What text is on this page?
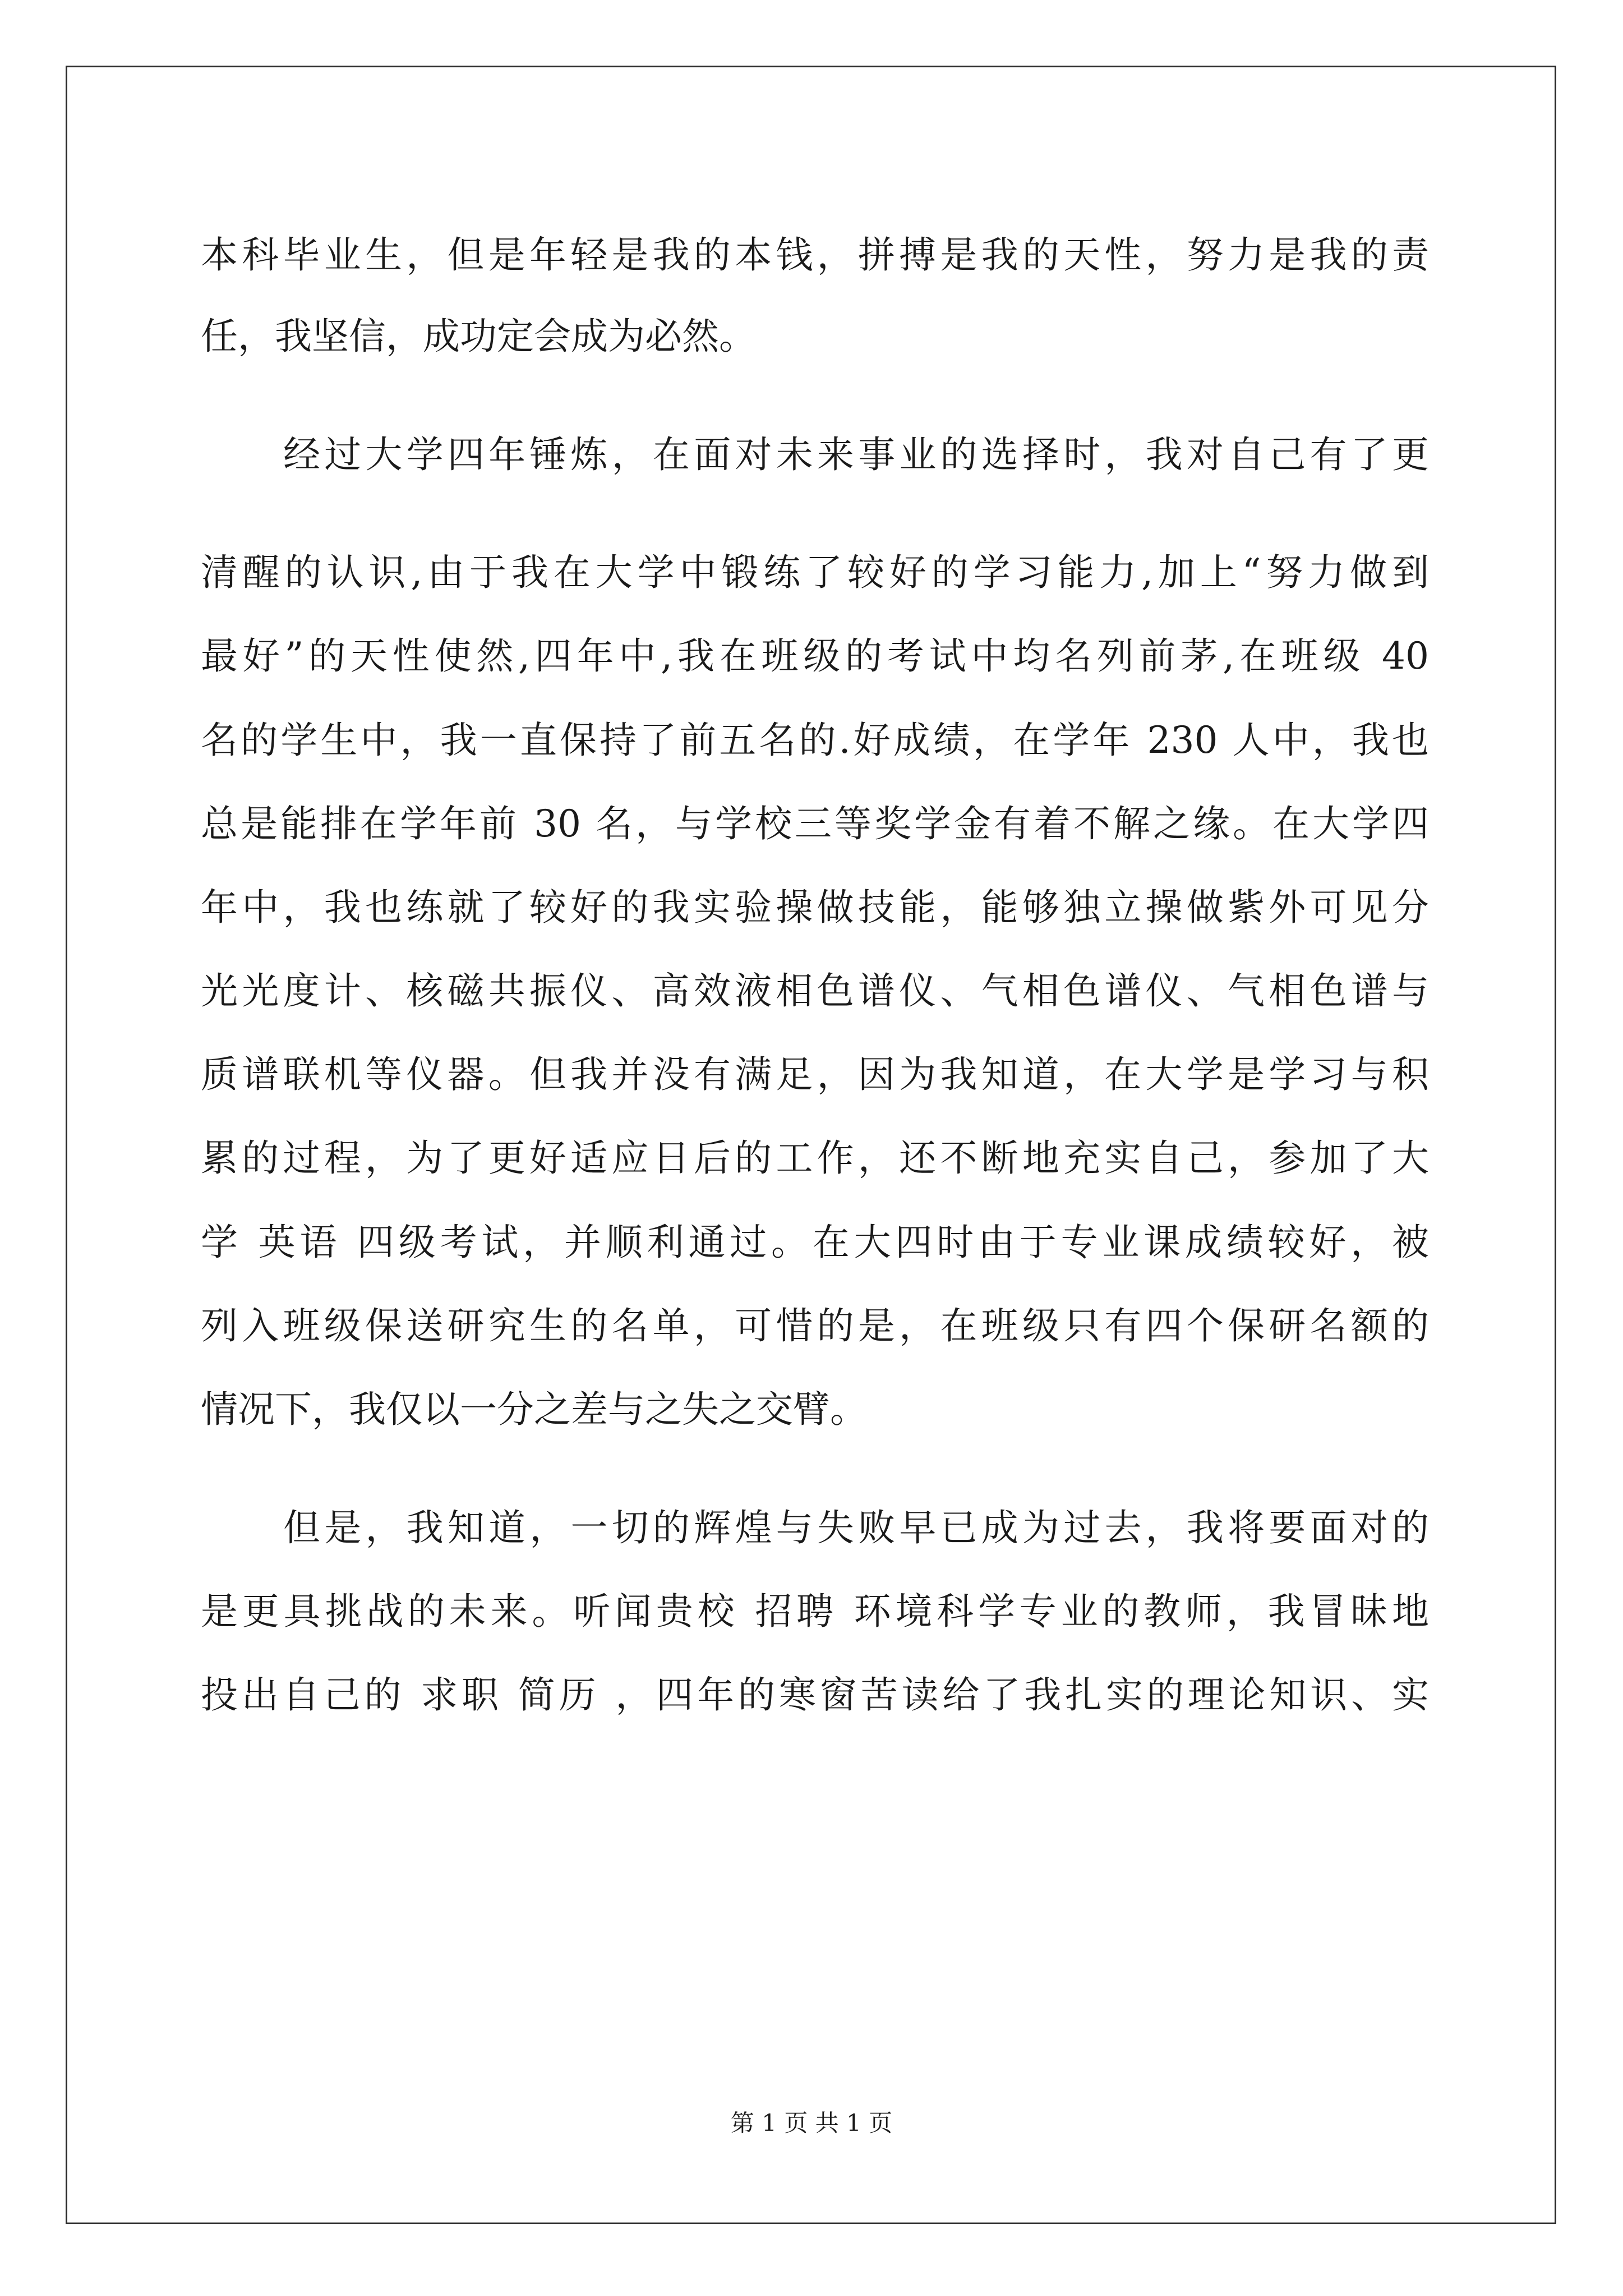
本科毕业生，但是年轻是我的本钱，拼搏是我的天性，努力是我的责
任，我坚信，成功定会成为必然。
经过大学四年锤炼，在面对未来事业的选择时，我对自己有了更
清醒的认识,由于我在大学中锻练了较好的学习能力,加上“努力做到
最好”的天性使然,四年中,我在班级的考试中均名列前茅,在班级 40
名的学生中，我一直保持了前五名的.好成绩，在学年 230 人中，我也
总是能排在学年前 30 名，与学校三等奖学金有着不解之缘。在大学四
年中，我也练就了较好的我实验操做技能，能够独立操做紫外可见分
光光度计、核磁共振仪、高效液相色谱仪、气相色谱仪、气相色谱与
质谱联机等仪器。但我并没有满足，因为我知道，在大学是学习与积
累的过程，为了更好适应日后的工作，还不断地充实自己，参加了大
学 英语 四级考试，并顺利通过。在大四时由于专业课成绩较好，被
列入班级保送研究生的名单，可惜的是，在班级只有四个保研名额的
情况下，我仅以一分之差与之失之交臂。
但是，我知道，一切的辉煌与失败早已成为过去，我将要面对的
是更具挑战的未来。听闻贵校 招聘 环境科学专业的教师，我冒昧地
投出自己的 求职 简历 ，四年的寒窗苦读给了我扎实的理论知识、实
第 1 页 共 1 页
